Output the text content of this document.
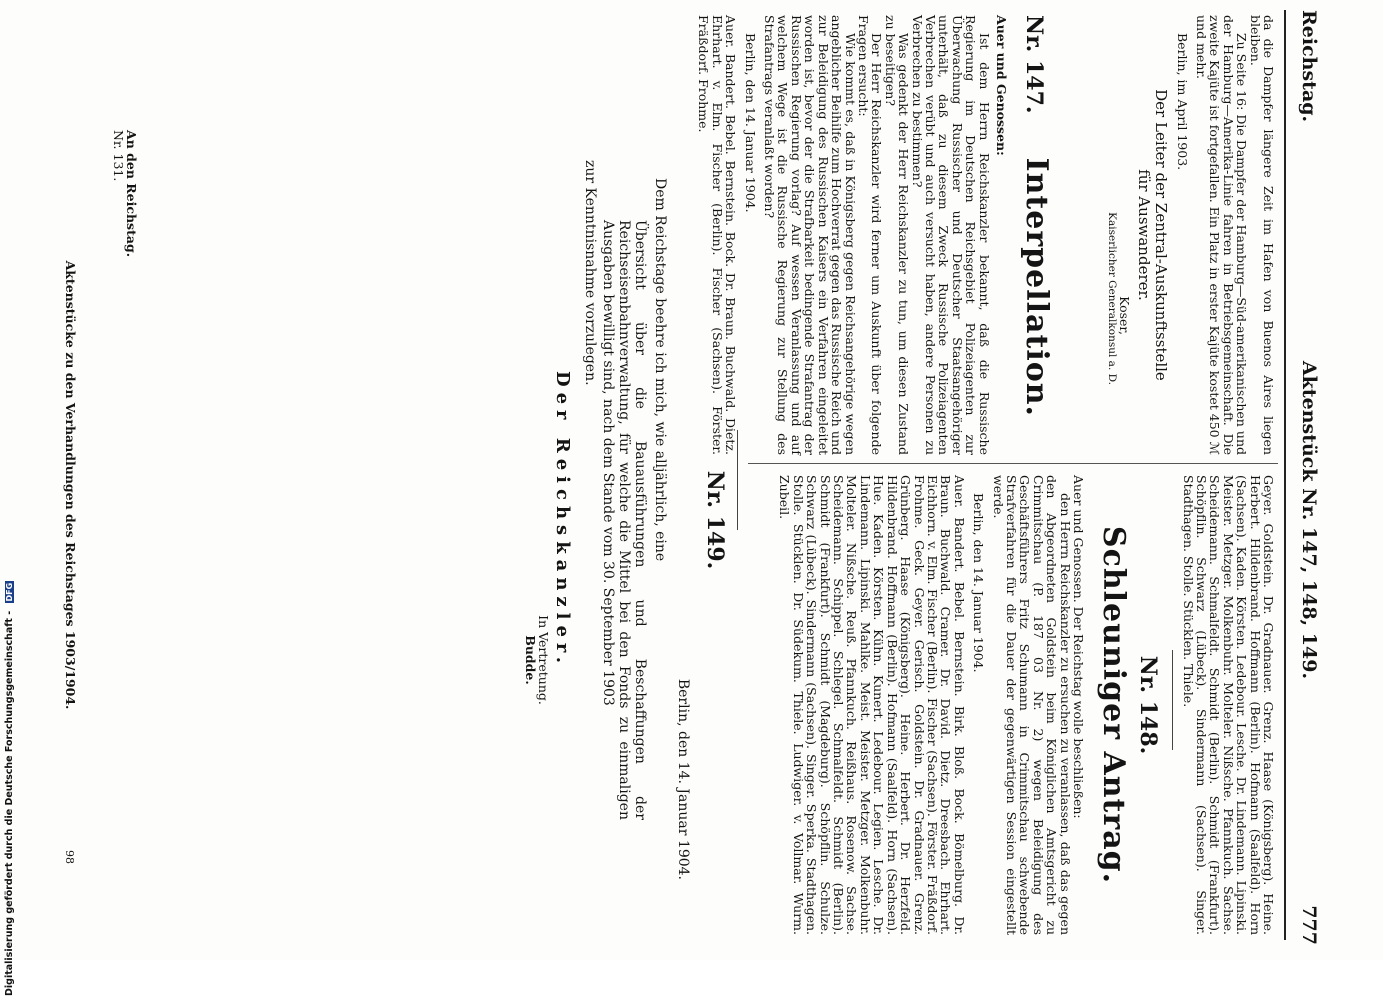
Reichstag.
Aktenstück Nr. 147, 148, 149.
777

da die Dampfer längere Zeit im Hafen von Buenos Aires liegen bleiben.

Zu Seite 16: Die Dampfer der Hamburg—Süd-amerikanischen und der Hamburg—Amerika-Linie fahren in Betriebsgemeinschaft. Die zweite Kajüte ist fortgefallen. Ein Platz in erster Kajüte kostet 450 ℳ und mehr.

Berlin, im April 1903.

Der Leiter der Zentral-Auskunftsstelle

für Auswanderer.

Koser,

Kaiserlicher Generalkonsul a. D.

Nr. 147. Interpellation.

Auer und Genossen:

Ist dem Herrn Reichskanzler bekannt, daß die Russische Regierung im Deutschen Reichsgebiet Polizeiagenten zur Überwachung Russischer und Deutscher Staatsangehöriger unterhält, daß zu diesem Zweck Russische Polizeiagenten Verbrechen verübt und auch versucht haben, andere Personen zu Verbrechen zu bestimmen?

Was gedenkt der Herr Reichskanzler zu tun, um diesen Zustand zu beseitigen?

Der Herr Reichskanzler wird ferner um Auskunft über folgende Fragen ersucht:

Wie kommt es, daß in Königsberg gegen Reichsangehörige wegen angeblicher Beihilfe zum Hochverrat gegen das Russische Reich und zur Beleidigung des Russischen Kaisers ein Verfahren eingeleitet worden ist, bevor der die Strafbarkeit bedingende Strafantrag der Russischen Regierung vorlag? Auf wessen Veranlassung und auf welchem Wege ist die Russische Regierung zur Stellung des Strafantrags veranlaßt worden?

Berlin, den 14. Januar 1904.

Auer. Bandert. Bebel. Bernstein. Bock. Dr. Braun. Buchwald. Dietz. Ehrhart. v. Elm. Fischer (Berlin). Fischer (Sachsen). Förster. Fräßdorf. Frohme.

Geyer. Goldstein. Dr. Gradnauer. Grenz. Haase (Königsberg). Heine. Herbert. Hildenbrand. Hoffmann (Berlin). Hofmann (Saalfeld). Horn (Sachsen). Kaden. Körsten. Ledebour. Lesche. Dr. Lindemann. Lipinski. Meister. Metzger. Molkenbuhr. Molteler. Nißsche. Pfannkuch. Sachse. Scheidemann. Schmalfeldt. Schmidt (Berlin). Schmidt (Frankfurt). Schöpflin. Schwarz (Lübeck). Sindermann (Sachsen). Singer. Stadthagen. Stolle. Stücklen. Thiele.

Nr. 148.

Schleuniger Antrag.

Auer und Genossen. Der Reichstag wolle beschließen:

den Herrn Reichskanzler zu ersuchen zu veranlassen, daß das gegen den Abgeordneten Goldstein beim Königlichen Amtsgericht zu Crimmitschau (P. 187 03 Nr. 2) wegen Beleidigung des Geschäftsführers Fritz Schumann in Crimmitschau schwebende Strafverfahren für die Dauer der gegenwärtigen Session eingestellt werde.

Berlin, den 14. Januar 1904.

Auer. Bandert. Bebel. Bernstein. Birk. Bloß. Bock. Bömelburg. Dr. Braun. Buchwald. Cramer. Dr. David. Dietz. Dreesbach. Ehrhart. Eichhorn. v. Elm. Fischer (Berlin). Fischer (Sachsen). Förster. Fräßdorf. Frohme. Geck. Geyer. Gerisch. Goldstein. Dr. Gradnauer. Grenz. Grünberg. Haase (Königsberg). Heine. Herbert. Dr. Herzfeld. Hildenbrand. Hoffmann (Berlin). Hofmann (Saalfeld). Horn (Sachsen). Hue. Kaden. Körsten. Kühn. Kunert. Ledebour. Legien. Lesche. Dr. Lindemann. Lipinski. Mahlke. Meist. Meister. Metzger. Molkenbuhr. Molteler. Nißsche. Reuß. Pfannkuch. Reißhaus. Rosenow. Sachse. Scheidemann. Schippel. Schlegel. Schmalfeldt. Schmidt (Berlin). Schmidt (Frankfurt). Schmidt (Magdeburg). Schöpflin. Schulze. Schwarz (Lübeck). Sindermann (Sachsen). Singer. Sperka. Stadthagen. Stolle. Stücklen. Dr. Südekum. Thiele. Ludwiger. v. Vollmar. Wurm. Zubeil.

Nr. 149.

Berlin, den 14. Januar 1904.

Dem Reichstage beehre ich mich, wie alljährlich, eine

Übersicht über die Bauausführungen und Beschaffungen der Reichseisenbahnverwaltung, für welche die Mittel bei den Fonds zu einmaligen Ausgaben bewilligt sind, nach dem Stande vom 30. September 1903

zur Kenntnisnahme vorzulegen.

Der Reichskanzler.

In Vertretung.

Budde.

An den Reichstag.

Nr. 131.

Aktenstücke zu den Verhandlungen des Reichstages 1903/1904.
98
Digitalisierung gefördert durch die Deutsche Forschungsgemeinschaft - DFG
